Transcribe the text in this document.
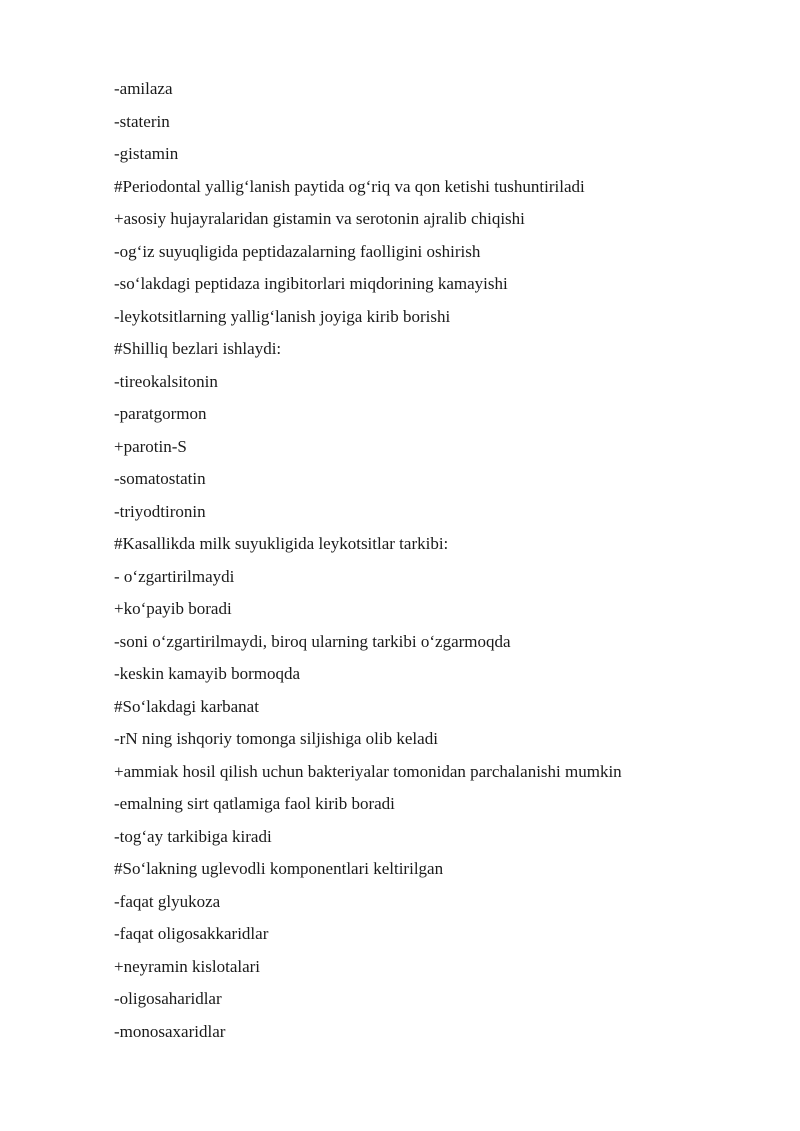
-amilaza
-staterin
-gistamin
#Periodontal yallig‘lanish paytida og‘riq va qon ketishi tushuntiriladi
+asosiy hujayralaridan gistamin va serotonin ajralib chiqishi
-og‘iz suyuqligida peptidazalarning faolligini oshirish
-so‘lakdagi peptidaza ingibitorlari miqdorining kamayishi
-leykotsitlarning yallig‘lanish joyiga kirib borishi
#Shilliq bezlari ishlaydi:
-tireokalsitonin
-paratgormon
+parotin-S
-somatostatin
-triyodtironin
#Kasallikda milk suyukligida leykotsitlar tarkibi:
- o‘zgartirilmaydi
+ko‘payib boradi
-soni o‘zgartirilmaydi, biroq ularning tarkibi o‘zgarmoqda
-keskin kamayib bormoqda
#So‘lakdagi karbanat
-rN ning ishqoriy tomonga siljishiga olib keladi
+ammiak hosil qilish uchun bakteriyalar tomonidan parchalanishi mumkin
-emalning sirt qatlamiga faol kirib boradi
-tog‘ay tarkibiga kiradi
#So‘lakning uglevodli komponentlari keltirilgan
-faqat glyukoza
-faqat oligosakkaridlar
+neyramin kislotalari
-oligosaharidlar
-monosaxaridlar
